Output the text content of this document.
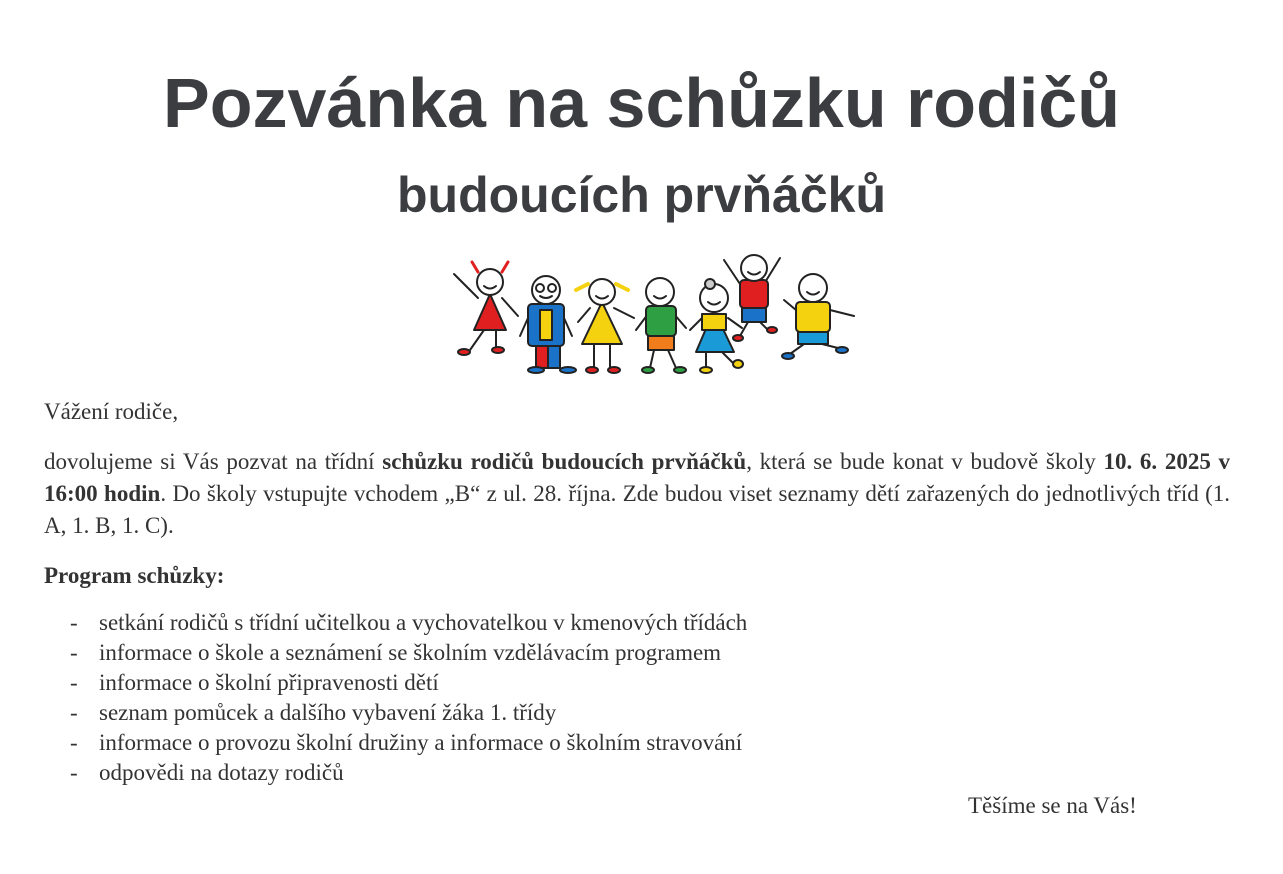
Pozvánka na schůzku rodičů
budoucích prvňáčků

Vážení rodiče,

dovolujeme si Vás pozvat na třídní schůzku rodičů budoucích prvňáčků, která se bude konat v budově školy 10. 6. 2025 v 16:00 hodin. Do školy vstupujte vchodem „B“ z ul. 28. října. Zde budou viset seznamy dětí zařazených do jednotlivých tříd (1. A, 1. B, 1. C).

Program schůzky:

- setkání rodičů s třídní učitelkou a vychovatelkou v kmenových třídách
- informace o škole a seznámení se školním vzdělávacím programem
- informace o školní připravenosti dětí
- seznam pomůcek a dalšího vybavení žáka 1. třídy
- informace o provozu školní družiny a informace o školním stravování
- odpovědi na dotazy rodičů

Těšíme se na Vás!
